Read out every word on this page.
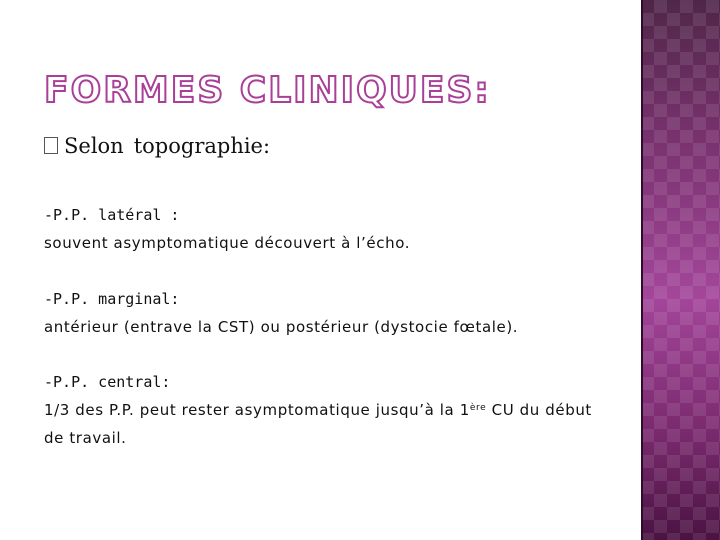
FORMES CLINIQUES:
Selon topographie:
-P.P. latéral :
souvent asymptomatique découvert à l’écho.
-P.P. marginal:
antérieur (entrave la CST) ou postérieur (dystocie fœtale).
-P.P. central:
1/3 des P.P. peut rester asymptomatique jusqu’à la 1ère CU du début
de travail.
